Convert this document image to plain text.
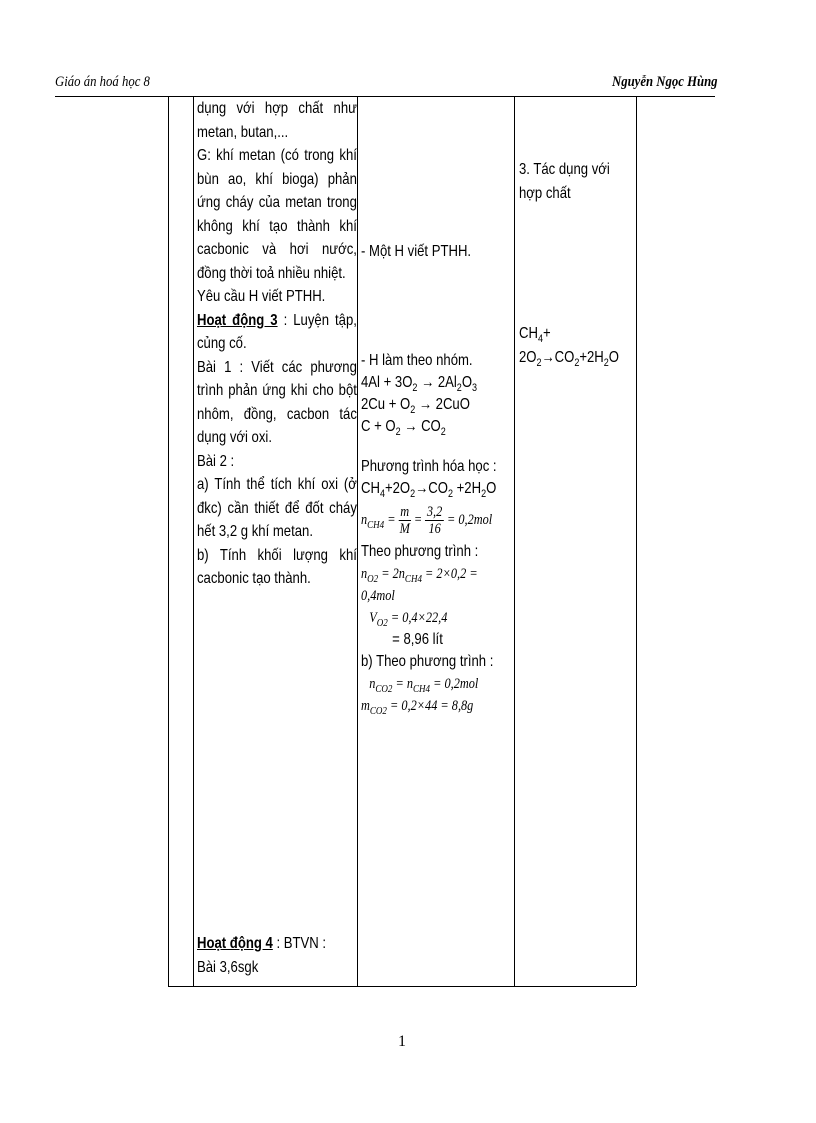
Giáo án hoá học 8	Nguyễn Ngọc Hùng
dụng với hợp chất như metan, butan,...
G: khí metan (có trong khí bùn ao, khí bioga) phản ứng cháy của metan trong không khí tạo thành khí cacbonic và hơi nước, đồng thời toả nhiều nhiệt.
Yêu cầu H viết PTHH.
Hoạt động 3 : Luyện tập, củng cố.
Bài 1 : Viết các phương trình phản ứng khi cho bột nhôm, đồng, cacbon tác dụng với oxi.
Bài 2 :
a) Tính thể tích khí oxi (ở đkc) cần thiết để đốt cháy hết 3,2 g khí metan.
b) Tính khối lượng khí cacbonic tạo thành.
Hoạt động 4 : BTVN :
Bài 3,6sgk
- Một H viết PTHH.
- H làm theo nhóm.
$4Al + 3O_2 \to 2Al_2O_3$
$2Cu + O_2 \to 2CuO$
$C + O_2 \to CO_2$
Phương trình hóa học :
$CH_4+2O_2\to CO_2 +2H_2O$
$n_{CH4} = \frac{m}{M} = \frac{3,2}{16} = 0,2mol$
Theo phương trình :
$n_{O2} = 2n_{CH4} = 2\times 0,2 = 0,4mol$
$V_{O2} = 0,4\times 22,4$
= 8,96 lít
b) Theo phương trình :
$n_{CO2} = n_{CH4} = 0,2mol$
$m_{CO2} = 0,2\times 44 = 8,8g$
3. Tác dụng với hợp chất
$CH_4+$
$2O_2\to CO_2+2H_2O$
1
